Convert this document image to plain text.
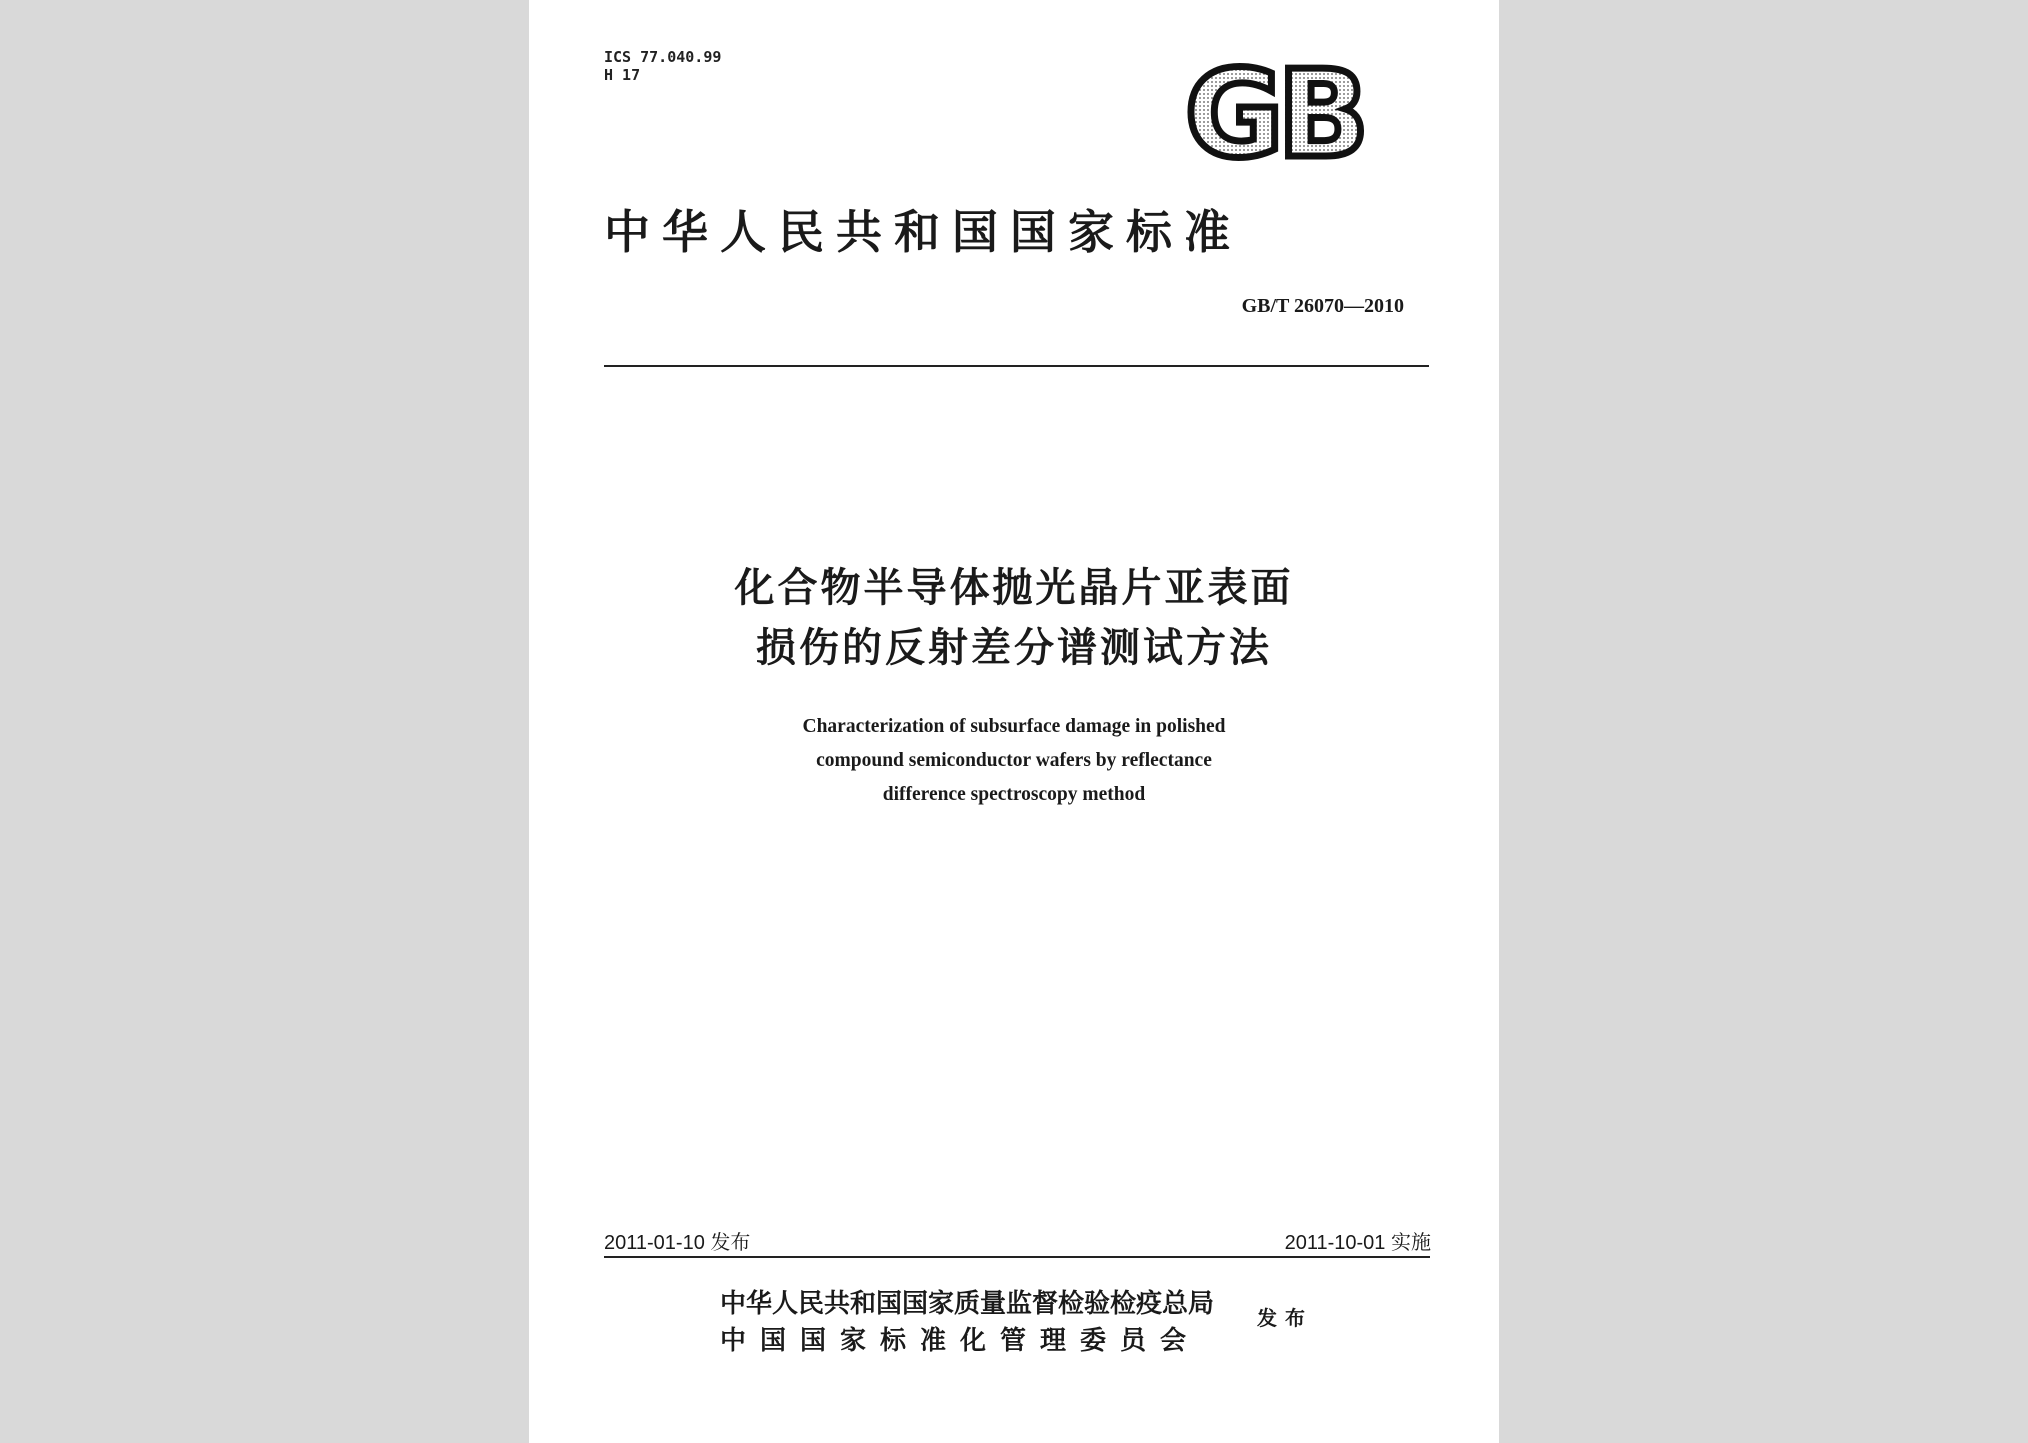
ICS 77.040.99
H 17	GB
中华人民共和国国家标准
GB/T 26070—2010
化合物半导体抛光晶片亚表面
损伤的反射差分谱测试方法
Characterization of subsurface damage in polished
compound semiconductor wafers by reflectance
difference spectroscopy method
2011-01-10 发布	2011-10-01 实施
中华人民共和国国家质量监督检验检疫总局
中国国家标准化管理委员会
发布
